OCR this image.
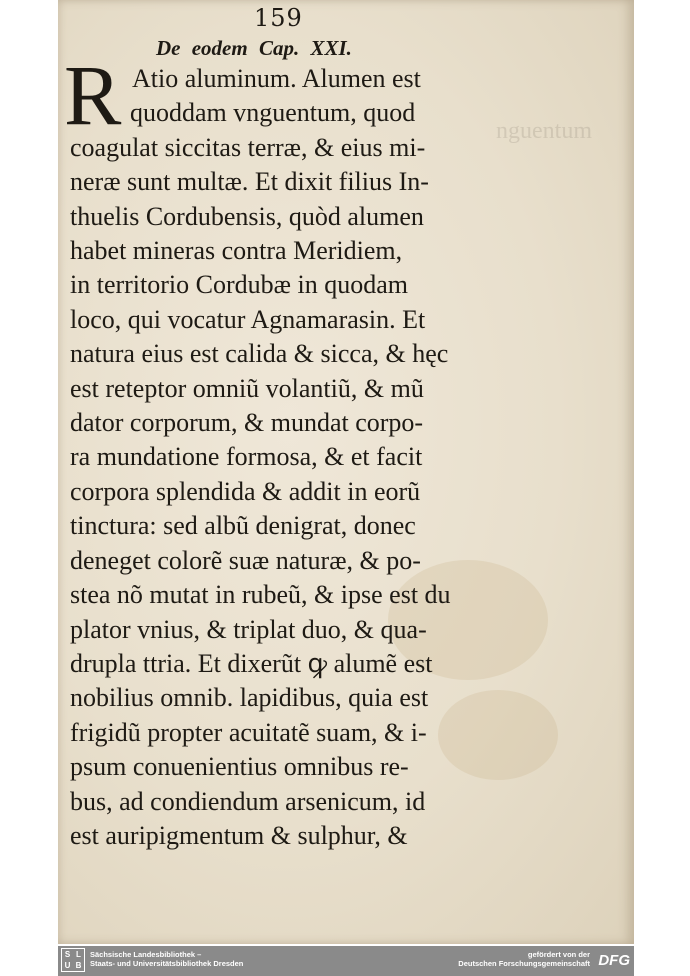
nguentum
159
De eodem Cap. XXI.
R Atio aluminum. Alumen est
quoddam vnguentum, quod
coagulat siccitas terræ, & eius mi-
neræ sunt multæ. Et dixit filius In-
thuelis Cordubensis, quòd alumen
habet mineras contra Meridiem,
in territorio Cordubæ in quodam
loco, qui vocatur Agnamarasin. Et
natura eius est calida & sicca, & hęc
est reteptor omniũ volantiũ, & mũ
dator corporum, & mundat corpo-
ra mundatione formosa, & et facit
corpora splendida & addit in eorũ
tinctura: sed albũ denigrat, donec
deneget colorẽ suæ naturæ, & po-
stea nõ mutat in rubeũ, & ipse est du
plator vnius, & triplat duo, & qua-
drupla ttria. Et dixerũt ꝙ alumẽ est
nobilius omnib. lapidibus, quia est
frigidũ propter acuitatẽ suam, & i-
psum conuenientius omnibus re-
bus, ad condiendum arsenicum, id
est auripigmentum & sulphur, &
S L
U B
Sächsische Landesbibliothek –
Staats- und Universitätsbibliothek Dresden
gefördert von der
Deutschen Forschungsgemeinschaft DFG
